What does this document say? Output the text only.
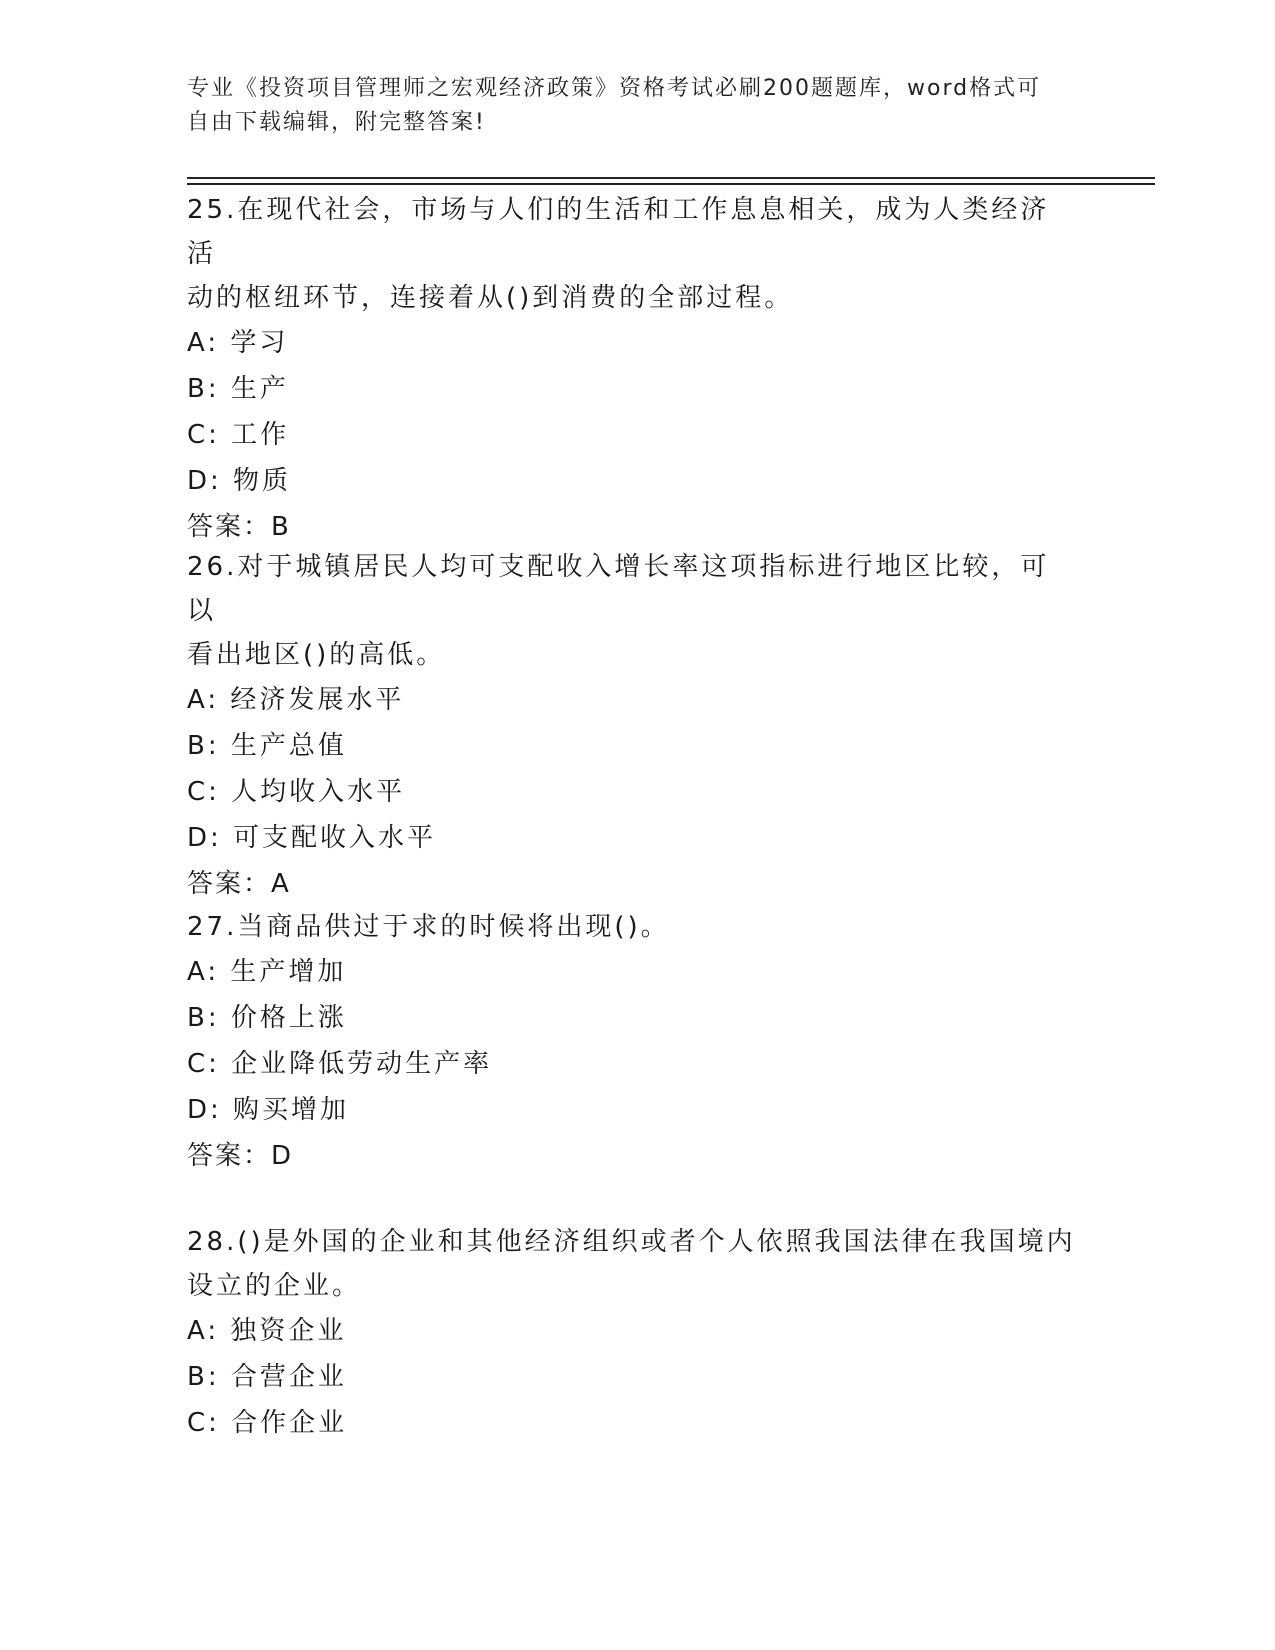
专业《投资项目管理师之宏观经济政策》资格考试必刷200题题库，word格式可
自由下载编辑，附完整答案!

25.在现代社会，市场与人们的生活和工作息息相关，成为人类经济活

动的枢纽环节，连接着从()到消费的全部过程。

A: 学习

B: 生产

C: 工作

D: 物质

答案：B

26.对于城镇居民人均可支配收入增长率这项指标进行地区比较，可以

看出地区()的高低。

A: 经济发展水平

B: 生产总值

C: 人均收入水平

D: 可支配收入水平

答案：A

27.当商品供过于求的时候将出现()。

A: 生产增加

B: 价格上涨

C: 企业降低劳动生产率

D: 购买增加

答案：D

28.()是外国的企业和其他经济组织或者个人依照我国法律在我国境内

设立的企业。

A: 独资企业

B: 合营企业

C: 合作企业
